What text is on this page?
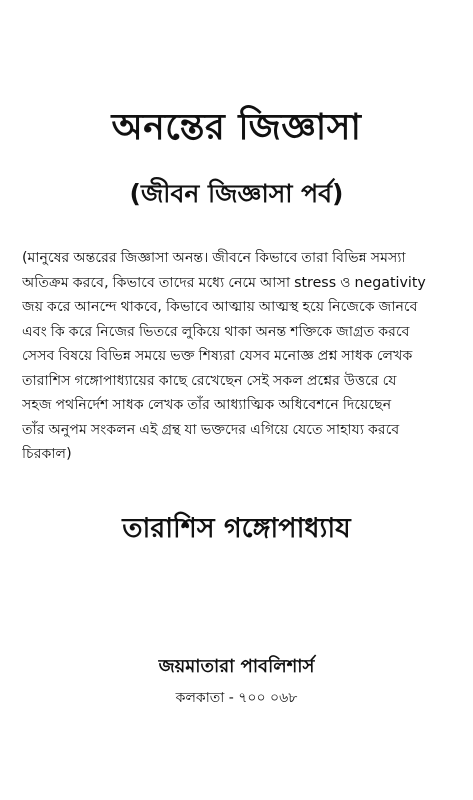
অনন্তের জিজ্ঞাসা
(জীবন জিজ্ঞাসা পর্ব)
(মানুষের অন্তরের জিজ্ঞাসা অনন্ত। জীবনে কিভাবে তারা বিভিন্ন সমস্যা
অতিক্রম করবে, কিভাবে তাদের মধ্যে নেমে আসা stress ও negativity
জয় করে আনন্দে থাকবে, কিভাবে আত্মায় আত্মস্থ হয়ে নিজেকে জানবে
এবং কি করে নিজের ভিতরে লুকিয়ে থাকা অনন্ত শক্তিকে জাগ্রত করবে
সেসব বিষয়ে বিভিন্ন সময়ে ভক্ত শিষ্যরা যেসব মনোজ্ঞ প্রশ্ন সাধক লেখক
তারাশিস গঙ্গোপাধ্যায়ের কাছে রেখেছেন সেই সকল প্রশ্নের উত্তরে যে
সহজ পথনির্দেশ সাধক লেখক তাঁর আধ্যাত্মিক অধিবেশনে দিয়েছেন
তাঁর অনুপম সংকলন এই গ্রন্থ যা ভক্তদের এগিয়ে যেতে সাহায্য করবে
চিরকাল)
তারাশিস গঙ্গোপাধ্যায
জয়মাতারা পাবলিশার্স
কলকাতা - ৭০০ ০৬৮
